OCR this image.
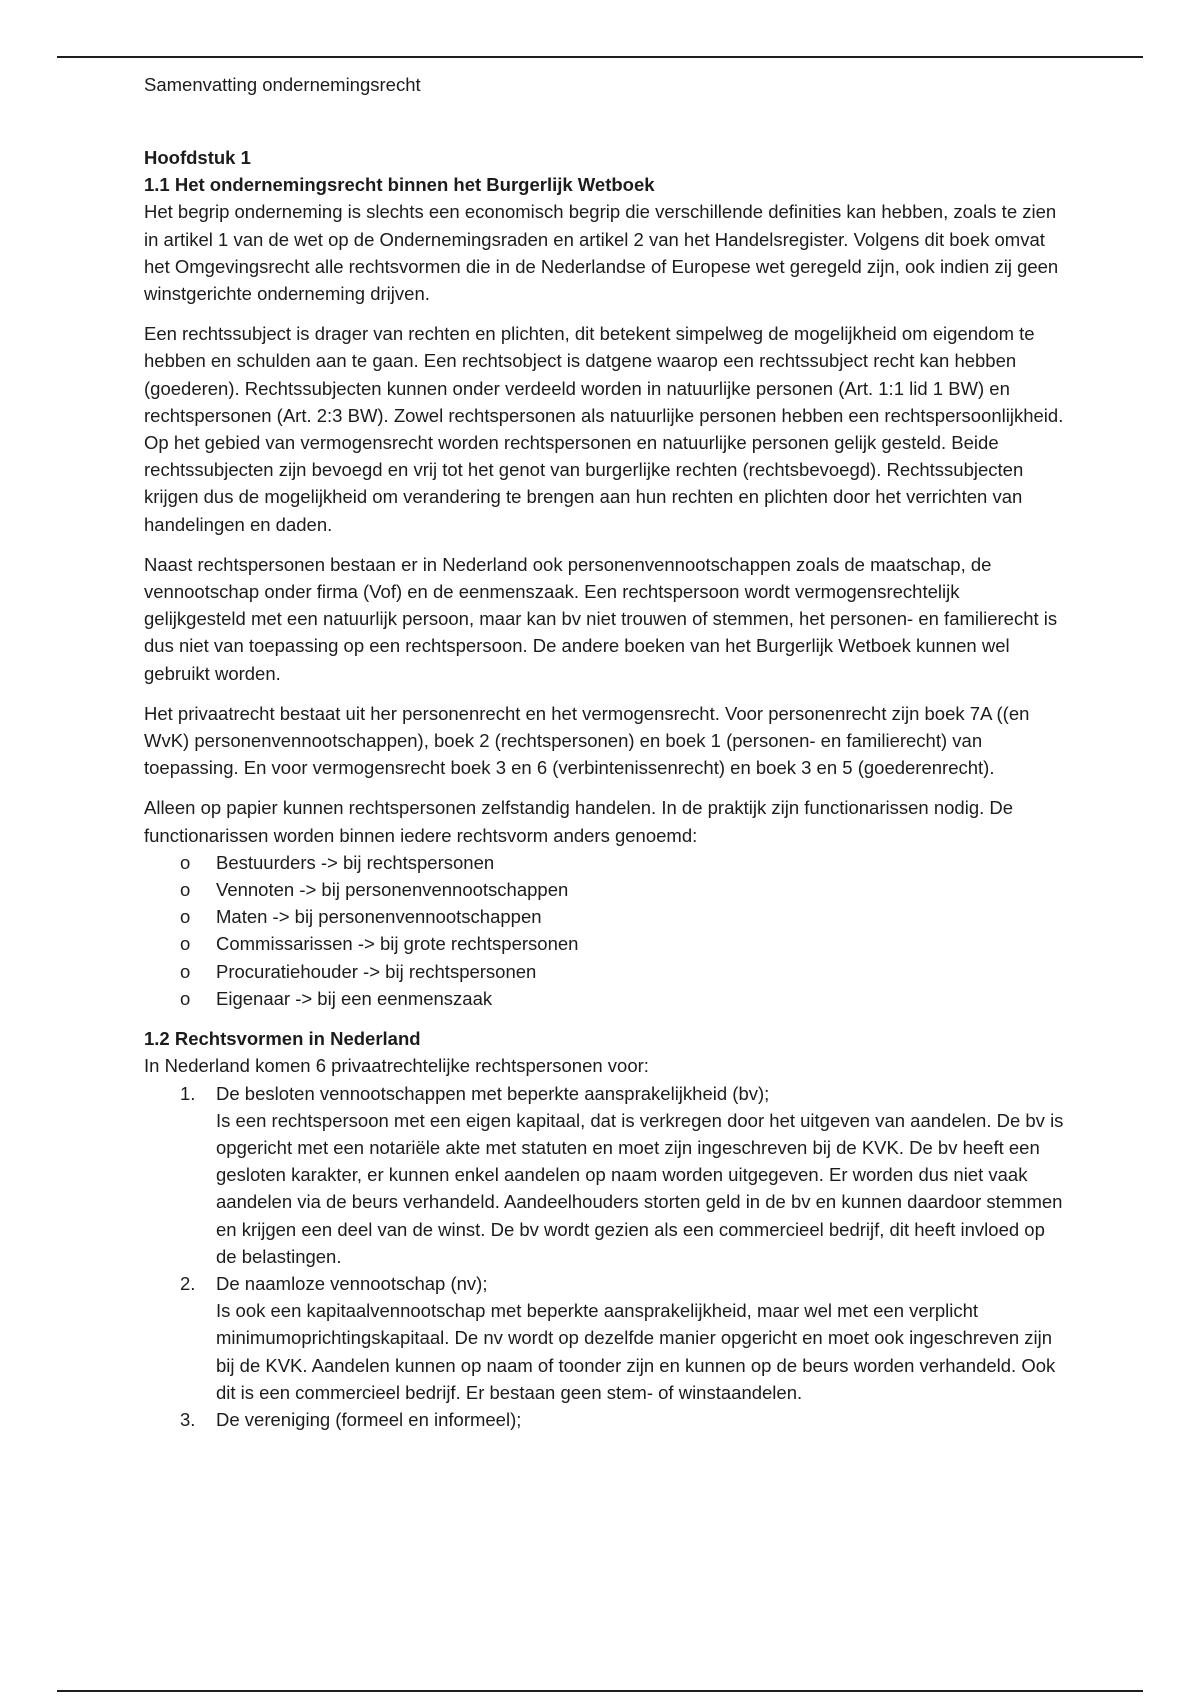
Samenvatting ondernemingsrecht
Hoofdstuk 1
1.1 Het ondernemingsrecht binnen het Burgerlijk Wetboek

Het begrip onderneming is slechts een economisch begrip die verschillende definities kan hebben, zoals te zien in artikel 1 van de wet op de Ondernemingsraden en artikel 2 van het Handelsregister. Volgens dit boek omvat het Omgevingsrecht alle rechtsvormen die in de Nederlandse of Europese wet geregeld zijn, ook indien zij geen winstgerichte onderneming drijven.

Een rechtssubject is drager van rechten en plichten, dit betekent simpelweg de mogelijkheid om eigendom te hebben en schulden aan te gaan. Een rechtsobject is datgene waarop een rechtssubject recht kan hebben (goederen). Rechtssubjecten kunnen onder verdeeld worden in natuurlijke personen (Art. 1:1 lid 1 BW) en rechtspersonen (Art. 2:3 BW). Zowel rechtspersonen als natuurlijke personen hebben een rechtspersoonlijkheid. Op het gebied van vermogensrecht worden rechtspersonen en natuurlijke personen gelijk gesteld. Beide rechtssubjecten zijn bevoegd en vrij tot het genot van burgerlijke rechten (rechtsbevoegd). Rechtssubjecten krijgen dus de mogelijkheid om verandering te brengen aan hun rechten en plichten door het verrichten van handelingen en daden.

Naast rechtspersonen bestaan er in Nederland ook personenvennootschappen zoals de maatschap, de vennootschap onder firma (Vof) en de eenmenszaak. Een rechtspersoon wordt vermogensrechtelijk gelijkgesteld met een natuurlijk persoon, maar kan bv niet trouwen of stemmen, het personen- en familierecht is dus niet van toepassing op een rechtspersoon. De andere boeken van het Burgerlijk Wetboek kunnen wel gebruikt worden.

Het privaatrecht bestaat uit her personenrecht en het vermogensrecht. Voor personenrecht zijn boek 7A ((en WvK) personenvennootschappen), boek 2 (rechtspersonen) en boek 1 (personen- en familierecht) van toepassing. En voor vermogensrecht boek 3 en 6 (verbintenissenrecht) en boek 3 en 5 (goederenrecht).

Alleen op papier kunnen rechtspersonen zelfstandig handelen. In de praktijk zijn functionarissen nodig. De functionarissen worden binnen iedere rechtsvorm anders genoemd:

o Bestuurders -> bij rechtspersonen
o Vennoten -> bij personenvennootschappen
o Maten -> bij personenvennootschappen
o Commissarissen -> bij grote rechtspersonen
o Procuratiehouder -> bij rechtspersonen
o Eigenaar -> bij een eenmenszaak
1.2 Rechtsvormen in Nederland

In Nederland komen 6 privaatrechtelijke rechtspersonen voor:

1. De besloten vennootschappen met beperkte aansprakelijkheid (bv);
Is een rechtspersoon met een eigen kapitaal, dat is verkregen door het uitgeven van aandelen. De bv is opgericht met een notariële akte met statuten en moet zijn ingeschreven bij de KVK. De bv heeft een gesloten karakter, er kunnen enkel aandelen op naam worden uitgegeven. Er worden dus niet vaak aandelen via de beurs verhandeld. Aandeelhouders storten geld in de bv en kunnen daardoor stemmen en krijgen een deel van de winst. De bv wordt gezien als een commercieel bedrijf, dit heeft invloed op de belastingen.
2. De naamloze vennootschap (nv);
Is ook een kapitaalvennootschap met beperkte aansprakelijkheid, maar wel met een verplicht minimumoprichtingskapitaal. De nv wordt op dezelfde manier opgericht en moet ook ingeschreven zijn bij de KVK. Aandelen kunnen op naam of toonder zijn en kunnen op de beurs worden verhandeld. Ook dit is een commercieel bedrijf. Er bestaan geen stem- of winstaandelen.
3. De vereniging (formeel en informeel);
